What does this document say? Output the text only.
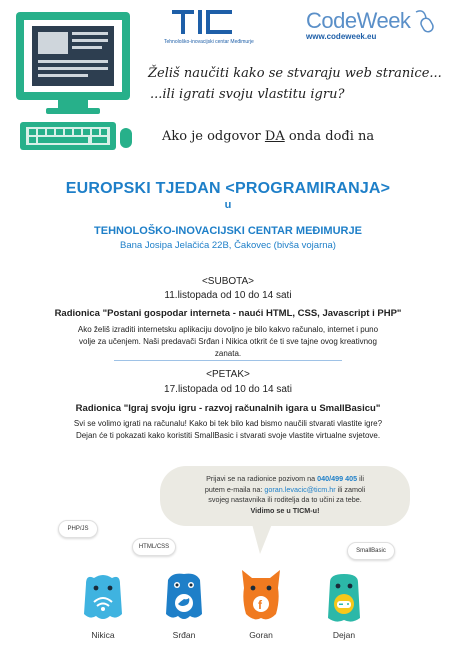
Tehnološko-inovacijski centar Međimurje
CodeWeek
www.codeweek.eu
Želiš naučiti kako se stvaraju web stranice...
...ili igrati svoju vlastitu igru?
Ako je odgovor DA onda dođi na
EUROPSKI TJEDAN <PROGRAMIRANJA>
u
TEHNOLOŠKO-INOVACIJSKI CENTAR MEĐIMURJE
Bana Josipa Jelačića 22B, Čakovec (bivša vojarna)
<SUBOTA>
11.listopada od 10 do 14 sati
Radionica "Postani gospodar interneta - naući HTML, CSS, Javascript i PHP"
Ako želiš izraditi internetsku aplikaciju dovoljno je bilo kakvo računalo, internet i puno volje za učenjem. Naši predavači Srđan i Nikica otkrit će ti sve tajne ovog kreativnog zanata.
<PETAK>
17.listopada od 10 do 14 sati
Radionica "Igraj svoju igru - razvoj računalnih igara u SmallBasicu"
Svi se volimo igrati na računalu! Kako bi tek bilo kad bismo naučili stvarati vlastite igre?
Dejan će ti pokazati kako koristiti SmallBasic i stvarati svoje vlastite virtualne svjetove.
Prijavi se na radionice pozivom na 040/499 405 ili
putem e-maila na: goran.levacic@ticm.hr ili zamoli
svojeg nastavnika ili roditelja da to učini za tebe.
Vidimo se u TICM-u!
PHP/JS
HTML/CSS
SmallBasic
Nikica	Srđan
f
Goran	Dejan
